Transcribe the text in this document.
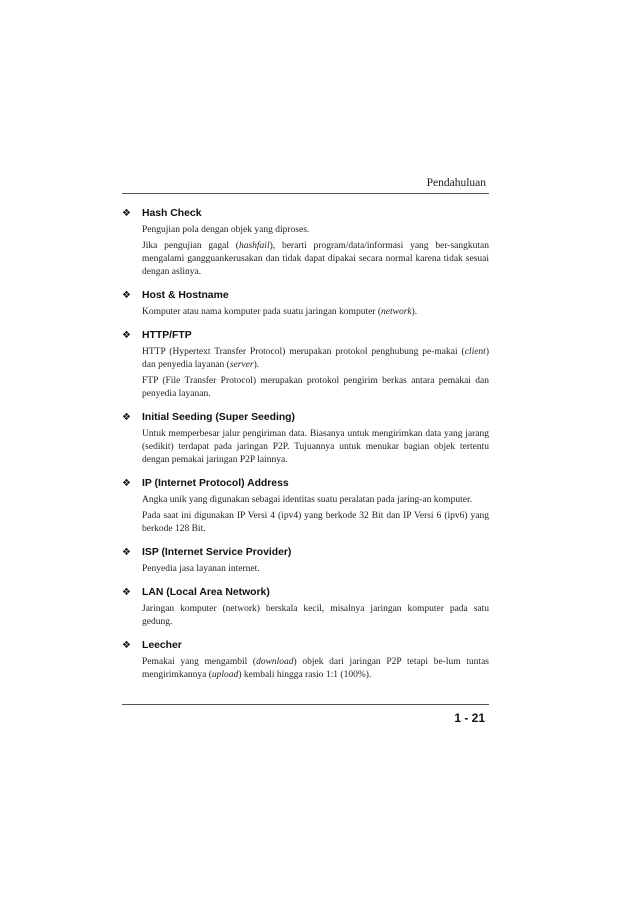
Pendahuluan
❖	Hash Check
Pengujian pola dengan objek yang diproses.
Jika pengujian gagal (hashfail), berarti program/data/informasi yang ber-sangkutan mengalami gangguankerusakan dan tidak dapat dipakai secara normal karena tidak sesuai dengan aslinya.
❖	Host & Hostname
Komputer atau nama komputer pada suatu jaringan komputer (network).
❖	HTTP/FTP
HTTP (Hypertext Transfer Protocol) merupakan protokol penghubung pe-makai (client) dan penyedia layanan (server).
FTP (File Transfer Protocol) merupakan protokol pengirim berkas antara pemakai dan penyedia layanan.
❖	Initial Seeding (Super Seeding)
Untuk memperbesar jalur pengiriman data. Biasanya untuk mengirimkan data yang jarang (sedikit) terdapat pada jaringan P2P. Tujuannya untuk menukar bagian objek tertentu dengan pemakai jaringan P2P lainnya.
❖	IP (Internet Protocol) Address
Angka unik yang digunakan sebagai identitas suatu peralatan pada jaring-an komputer.
Pada saat ini digunakan IP Versi 4 (ipv4) yang berkode 32 Bit dan IP Versi 6 (ipv6) yang berkode 128 Bit.
❖	ISP (Internet Service Provider)
Penyedia jasa layanan internet.
❖	LAN (Local Area Network)
Jaringan komputer (network) berskala kecil, misalnya jaringan komputer pada satu gedung.
❖	Leecher
Pemakai yang mengambil (download) objek dari jaringan P2P tetapi be-lum tuntas mengirimkannya (upload) kembali hingga rasio 1:1 (100%).
1 - 21
